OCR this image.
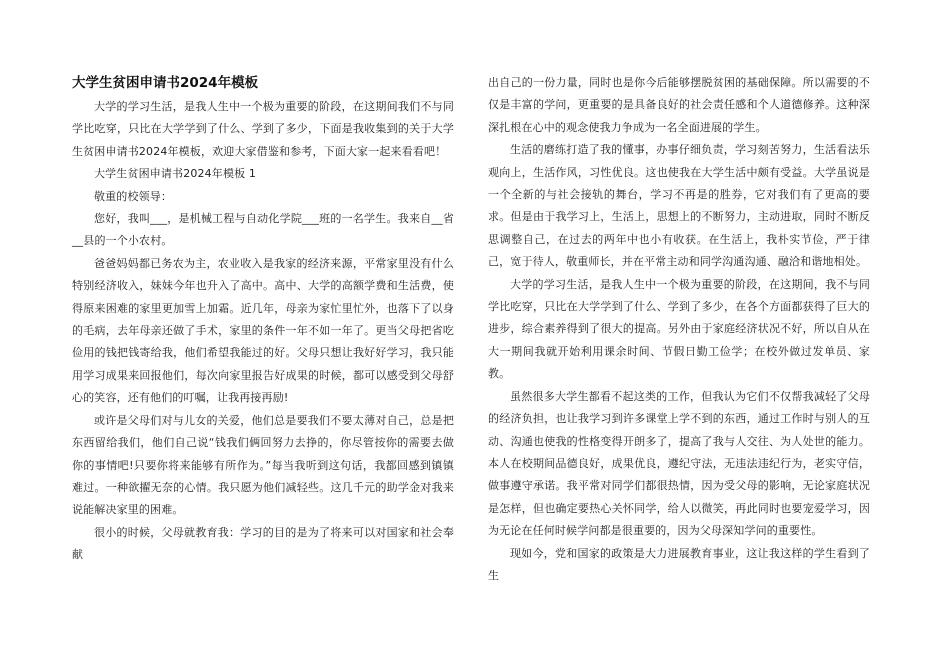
大学生贫困申请书2024年模板

大学的学习生活，是我人生中一个极为重要的阶段，在这期间我们不与同学比吃穿，只比在大学学到了什么、学到了多少，下面是我收集到的关于大学生贫困申请书2024年模板，欢迎大家借鉴和参考，下面大家一起来看看吧！

大学生贫困申请书2024年模板 1

敬重的校领导：

您好，我叫___，是机械工程与自动化学院___班的一名学生。我来自__省__县的一个小农村。

爸爸妈妈都已务农为主，农业收入是我家的经济来源，平常家里没有什么特别经济收入，妹妹今年也升入了高中。高中、大学的高额学费和生活费，使得原来困难的家里更加雪上加霜。近几年，母亲为家忙里忙外，也落下了以身的毛病，去年母亲还做了手术，家里的条件一年不如一年了。更当父母把省吃俭用的钱把钱寄给我，他们希望我能过的好。父母只想让我好好学习，我只能用学习成果来回报他们，每次向家里报告好成果的时候，都可以感受到父母舒心的笑容，还有他们的叮嘱，让我再接再励!

或许是父母们对与儿女的关爱，他们总是要我们不要太薄对自己，总是把东西留给我们，他们自己说“钱我们俩回努力去挣的，你尽管按你的需要去做你的事情吧!只要你将来能够有所作为。”每当我听到这句话，我都回感到镇镇难过。一种欲擢无奈的心情。我只愿为他们减轻些。这几千元的助学金对我来说能解决家里的困难。

很小的时候，父母就教育我：学习的目的是为了将来可以对国家和社会奉献

出自己的一份力量，同时也是你今后能够摆脱贫困的基础保障。所以需要的不仅是丰富的学问，更重要的是具备良好的社会责任感和个人道德修养。这种深深扎根在心中的观念使我力争成为一名全面进展的学生。

生活的磨练打造了我的懂事，办事仔细负责，学习刻苦努力，生活看法乐观向上，生活作风，习性优良。这也使我在大学生活中颇有受益。大学虽说是一个全新的与社会接轨的舞台，学习不再是的胜券，它对我们有了更高的要求。但是由于我学习上，生活上，思想上的不断努力，主动进取，同时不断反思调整自己，在过去的两年中也小有收获。在生活上，我朴实节俭，严于律己，宽于待人，敬重师长，并在平常主动和同学沟通沟通、融洽和谐地相处。

大学的学习生活，是我人生中一个极为重要的阶段，在这期间，我不与同学比吃穿，只比在大学学到了什么、学到了多少，在各个方面都获得了巨大的进步，综合素养得到了很大的提高。另外由于家庭经济状况不好，所以自从在大一期间我就开始利用课余时间、节假日勤工俭学；在校外做过发单员、家教。

虽然很多大学生都看不起这类的工作，但我认为它们不仅帮我减轻了父母的经济负担，也让我学习到许多课堂上学不到的东西，通过工作时与别人的互动、沟通也使我的性格变得开朗多了，提高了我与人交往、为人处世的能力。本人在校期间品德良好，成果优良，遵纪守法，无违法违纪行为，老实守信，做事遵守承诺。我平常对同学们都很热情，因为受父母的影响，无论家庭状况是怎样，但也确定要热心关怀同学，给人以微笑，再此同时也要宠爱学习，因为无论在任何时候学问都是很重要的，因为父母深知学问的重要性。

现如今，党和国家的政策是大力进展教育事业，这让我这样的学生看到了生
